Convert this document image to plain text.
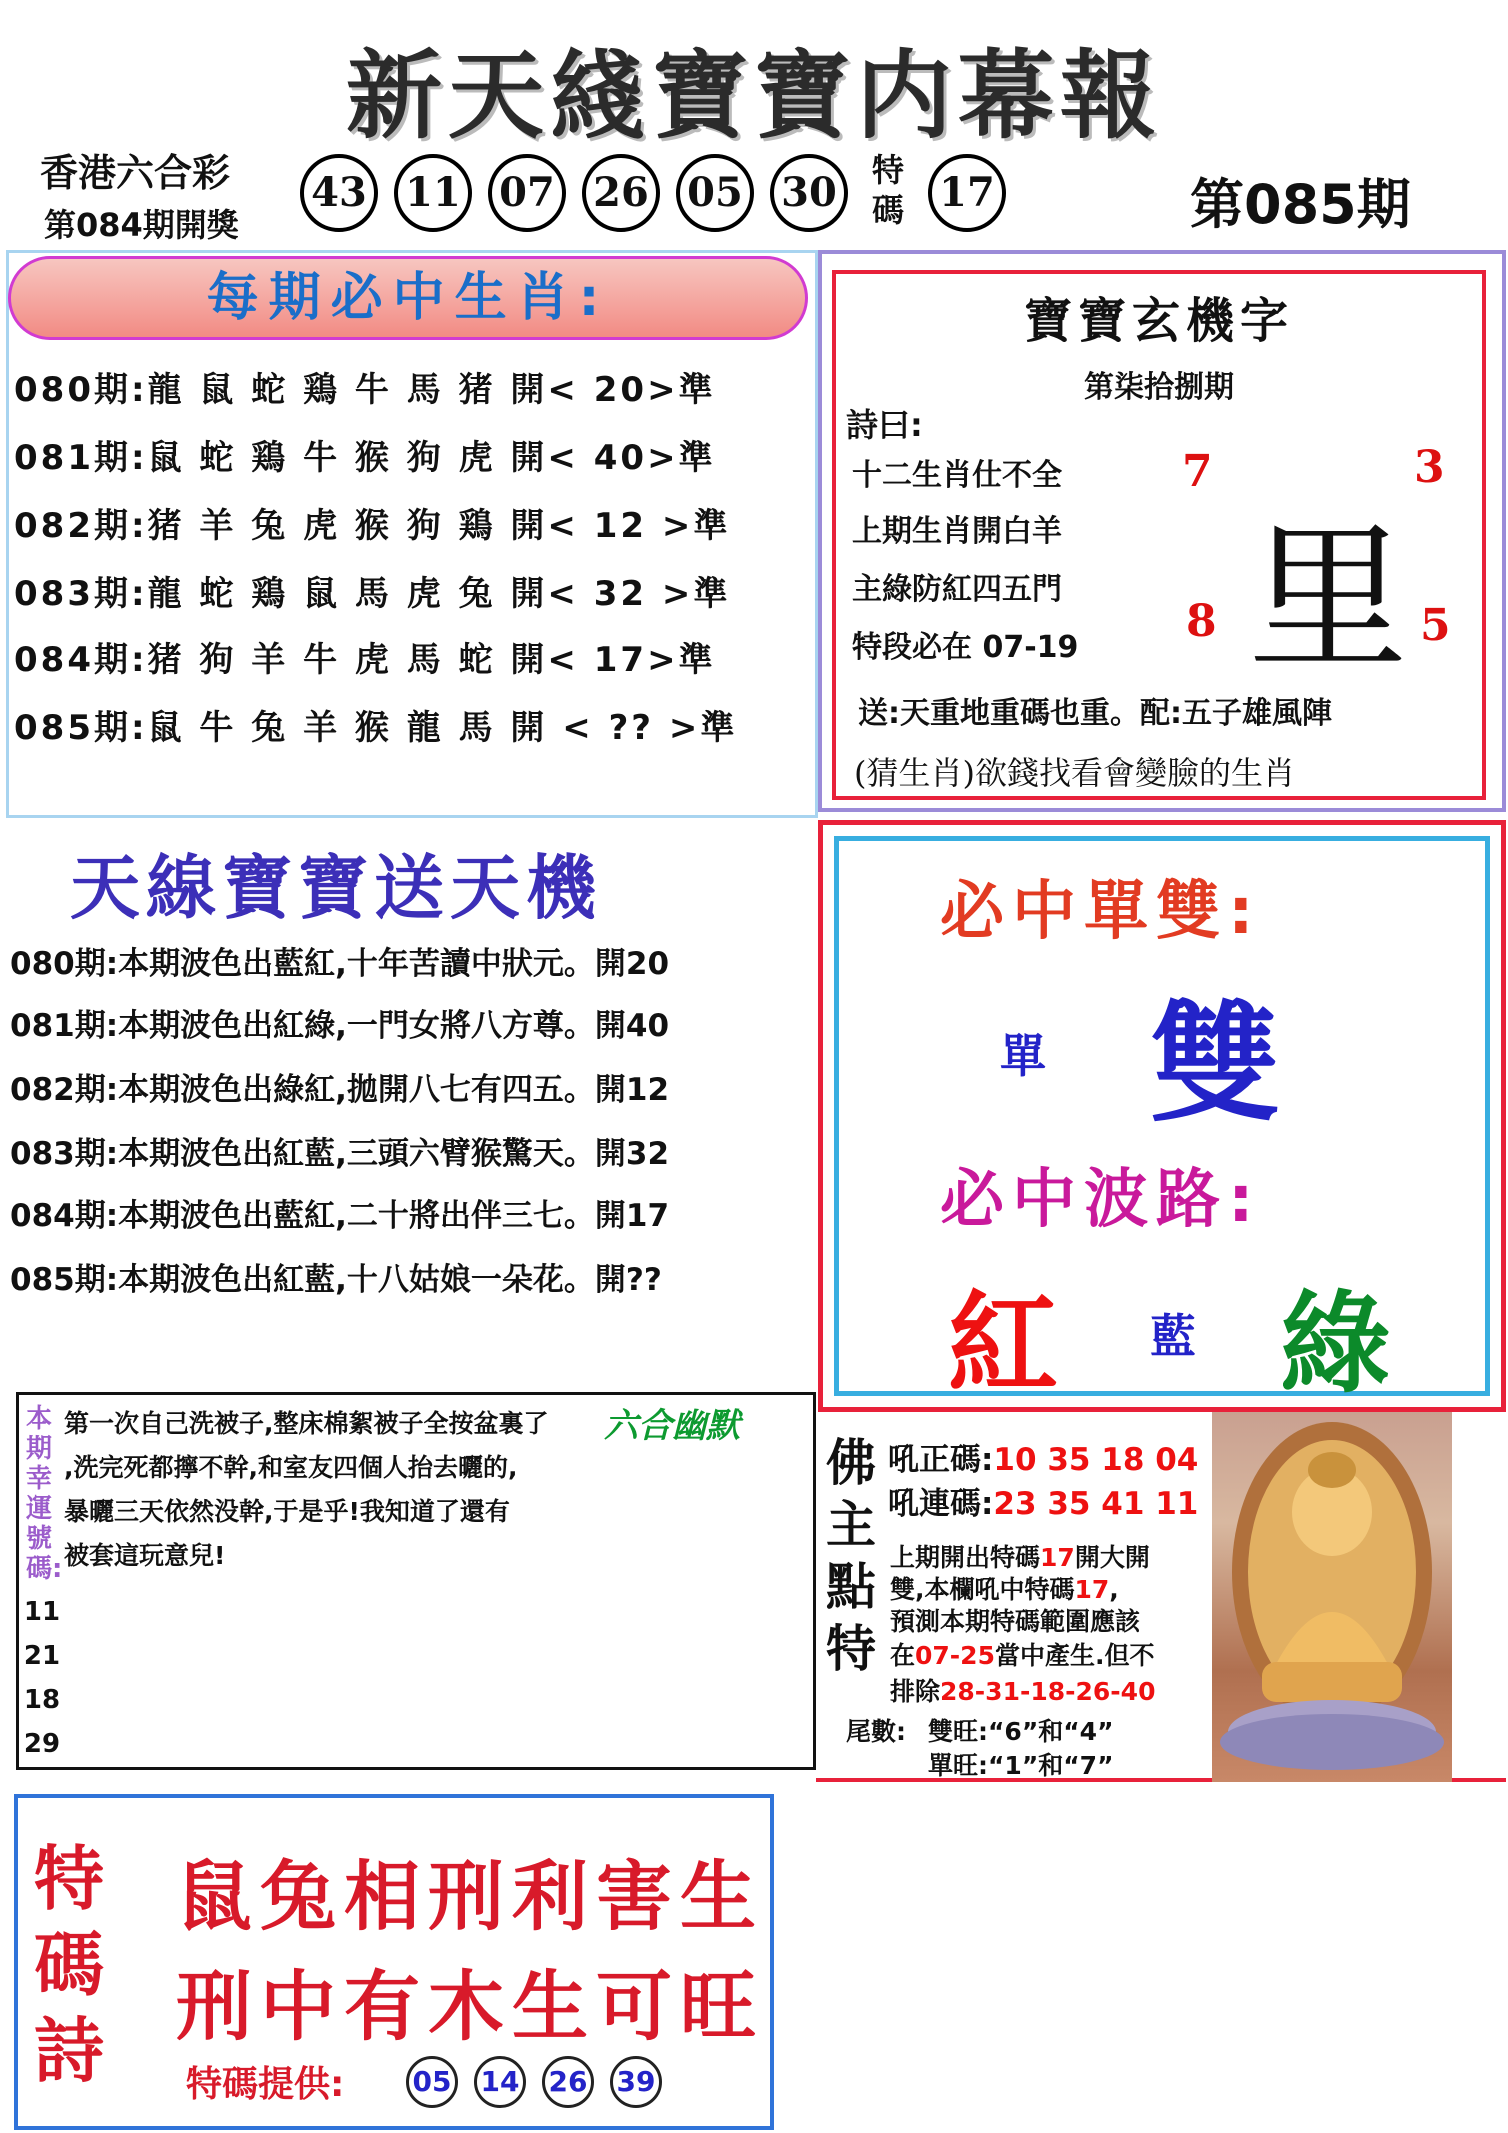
新天綫寶寶内幕報
香港六合彩
第084期開獎
43 11 07 26 05 30	特碼 17	第085期
每期必中生肖:
080期:龍 鼠 蛇 鶏 牛 馬 猪 開< 20>準
081期:鼠 蛇 鶏 牛 猴 狗 虎 開< 40>準
082期:猪 羊 兔 虎 猴 狗 鶏 開< 12 >準
083期:龍 蛇 鶏 鼠 馬 虎 兔 開< 32 >準
084期:猪 狗 羊 牛 虎 馬 蛇 開< 17>準
085期:鼠 牛 兔 羊 猴 龍 馬 開 < ?? >準
寶寶玄機字
第柒拾捌期
詩曰:
十二生肖仕不全
上期生肖開白羊
主綠防紅四五門
特段必在 07-19 里
7	3
8	5
送:天重地重碼也重。配:五子雄風陣
(猜生肖)欲錢找看會變臉的生肖
天線寶寶送天機
080期:本期波色出藍紅,十年苦讀中狀元。開20
081期:本期波色出紅綠,一門女將八方尊。開40
082期:本期波色出綠紅,拋開八七有四五。開12
083期:本期波色出紅藍,三頭六臂猴驚天。開32
084期:本期波色出藍紅,二十將出伴三七。開17
085期:本期波色出紅藍,十八姑娘一朵花。開??
必中單雙:
單 雙
必中波路:
紅 藍 綠
本期幸運號碼:
11
21
18
29
第一次自己洗被子,整床棉絮被子全按盆裏了
,洗完死都擰不幹,和室友四個人抬去曬的,
暴曬三天依然没幹,于是乎!我知道了還有
被套這玩意兒!
六合幽默
佛主點特
吼正碼:10 35 18 04
吼連碼:23 35 41 11
上期開出特碼17開大開
雙,本欄吼中特碼17,
預測本期特碼範圍應該
在07-25當中產生.但不
排除28-31-18-26-40
尾數: 雙旺:“6”和“4”
單旺:“1”和“7”
特碼詩
鼠兔相刑利害生
刑中有木生可旺
特碼提供: 05 14 26 39
